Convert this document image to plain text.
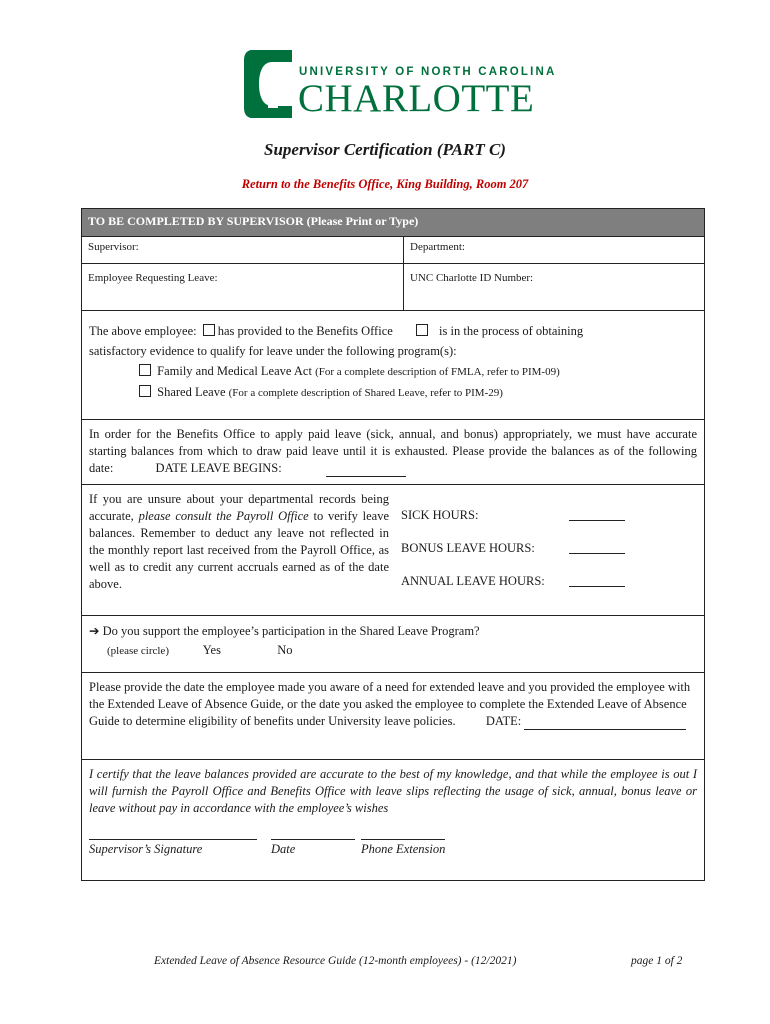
UNIVERSITY OF NORTH CAROLINA
CHARLOTTE
Supervisor Certification (PART C)
Return to the Benefits Office, King Building, Room 207
TO BE COMPLETED BY SUPERVISOR (Please Print or Type)
Supervisor:	Department:
Employee Requesting Leave:	UNC Charlotte ID Number:
The above employee: has provided to the Benefits Office	is in the process of obtaining
satisfactory evidence to qualify for leave under the following program(s):
Family and Medical Leave Act (For a complete description of FMLA, refer to PIM-09)
Shared Leave (For a complete description of Shared Leave, refer to PIM-29)
In order for the Benefits Office to apply paid leave (sick, annual, and bonus) appropriately, we must have accurate starting balances from which to draw paid leave until it is exhausted. Please provide the balances as of the following date:	DATE LEAVE BEGINS:
If you are unsure about your departmental records being accurate, please consult the Payroll Office to verify leave balances. Remember to deduct any leave not reflected in the monthly report last received from the Payroll Office, as well as to credit any current accruals earned as of the date above.
SICK HOURS:
BONUS LEAVE HOURS:
ANNUAL LEAVE HOURS:
➔ Do you support the employee’s participation in the Shared Leave Program?
(please circle)	Yes	No
Please provide the date the employee made you aware of a need for extended leave and you provided the employee with the Extended Leave of Absence Guide, or the date you asked the employee to complete the Extended Leave of Absence Guide to determine eligibility of benefits under University leave policies. DATE:
I certify that the leave balances provided are accurate to the best of my knowledge, and that while the employee is out I will furnish the Payroll Office and Benefits Office with leave slips reflecting the usage of sick, annual, bonus leave or leave without pay in accordance with the employee’s wishes
Supervisor’s Signature	Date	Phone Extension
Extended Leave of Absence Resource Guide (12-month employees) - (12/2021)	page 1 of 2
